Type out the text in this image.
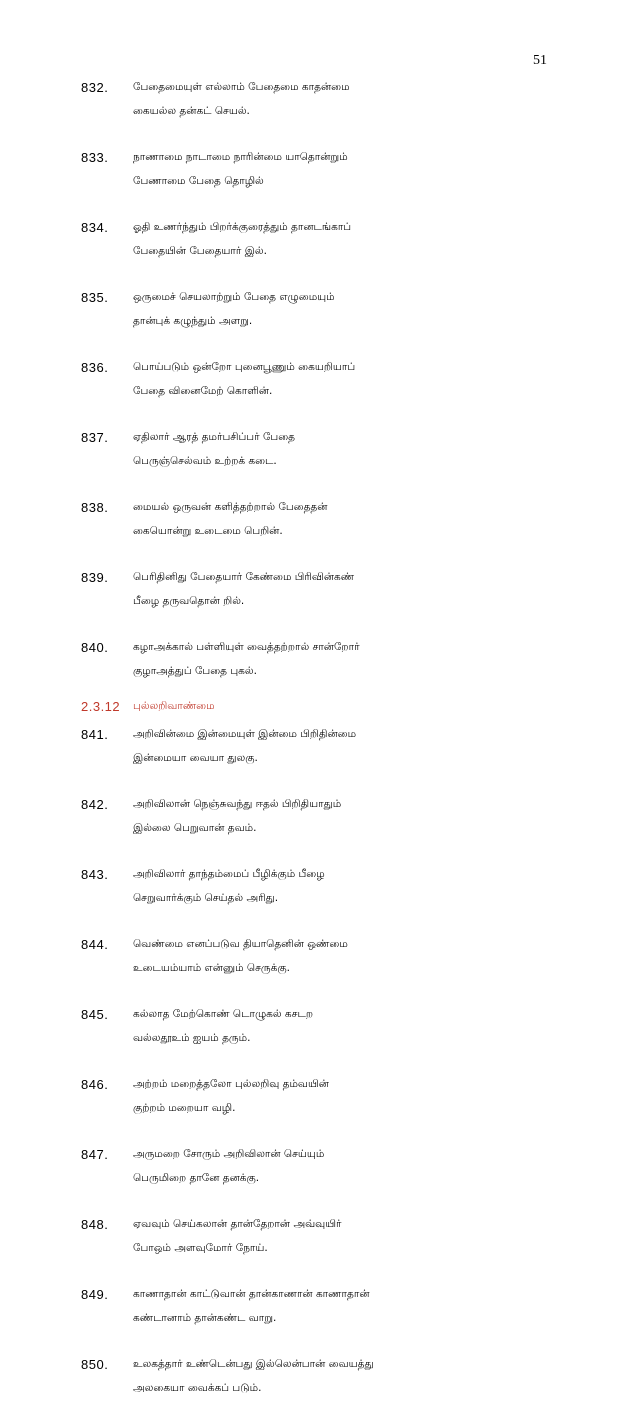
51
832. பேதைமையுள் எல்லாம் பேதைமை காதன்மை
கையல்ல தன்கட் செயல்.
833. நாணாமை நாடாமை நாரின்மை யாதொன்றும்
பேணாமை பேதை தொழில்
834. ஓதி உணர்ந்தும் பிறர்க்குரைத்தும் தானடங்காப்
பேதையின் பேதையார் இல்.
835. ஒருமைச் செயலாற்றும் பேதை எழுமையும்
தான்புக் கழுந்தும் அளறு.
836. பொய்படும் ஒன்றோ புனைபூணும் கையறியாப்
பேதை வினைமேற் கொளின்.
837. ஏதிலார் ஆரத் தமர்பசிப்பர் பேதை
பெருஞ்செல்வம் உற்றக் கடை.
838. மையல் ஒருவன் களித்தற்றால் பேதைதன்
கையொன்று உடைமை பெறின்.
839. பெரிதினிது பேதையார் கேண்மை பிரிவின்கண்
பீழை தருவதொன் றில்.
840. கழாஅக்கால் பள்ளியுள் வைத்தற்றால் சான்றோர்
குழாஅத்துப் பேதை புகல்.
2.3.12 புல்லறிவாண்மை
841. அறிவின்மை இன்மையுள் இன்மை பிறிதின்மை
இன்மையா வையா துலகு.
842. அறிவிலான் நெஞ்சுவந்து ஈதல் பிறிதியாதும்
இல்லை பெறுவான் தவம்.
843. அறிவிலார் தாந்தம்மைப் பீழிக்கும் பீழை
செறுவார்க்கும் செய்தல் அரிது.
844. வெண்மை எனப்படுவ தியாதெனின் ஒண்மை
உடையம்யாம் என்னும் செருக்கு.
845. கல்லாத மேற்கொண் டொழுகல் கசடற
வல்லதூஉம் ஐயம் தரும்.
846. அற்றம் மறைத்தலோ புல்லறிவு தம்வயின்
குற்றம் மறையா வழி.
847. அருமறை சோரும் அறிவிலான் செய்யும்
பெருமிறை தானே தனக்கு.
848. ஏவவும் செய்கலான் தான்தேறான் அவ்வுயிர்
போஒம் அளவுமோர் நோய்.
849. காணாதான் காட்டுவான் தான்காணான் காணாதான்
கண்டானாம் தான்கண்ட வாறு.
850. உலகத்தார் உண்டென்பது இல்லென்பான் வையத்து
அலகையா வைக்கப் படும்.
